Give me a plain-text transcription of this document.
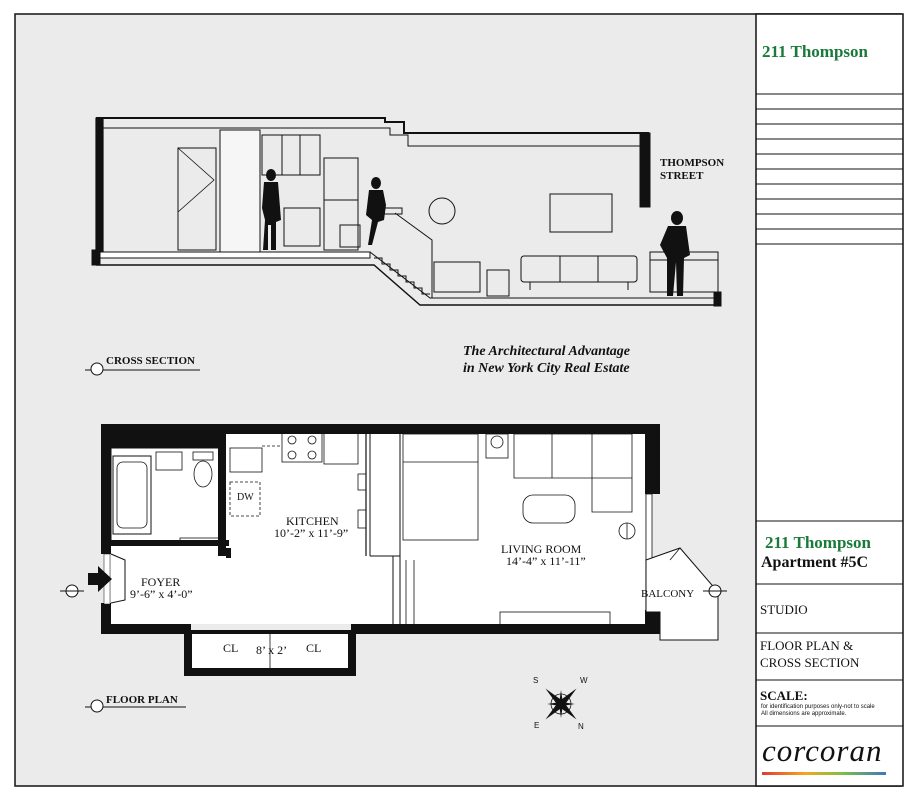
THOMPSON
STREET
CROSS SECTION
The Architectural Advantage
in New York City Real Estate
DW
KITCHEN
10’-2” x 11’-9”
LIVING ROOM
14’-4” x 11’-11”
FOYER
9’-6” x 4’-0”	BALCONY
CL 8’ x 2’ CL
FLOOR PLAN
S	W
E	N
211 Thompson
211 Thompson
Apartment #5C
STUDIO
FLOOR PLAN &
CROSS SECTION
SCALE:
for identification purposes only-not to scale
All dimensions are approximate.
corcoran
